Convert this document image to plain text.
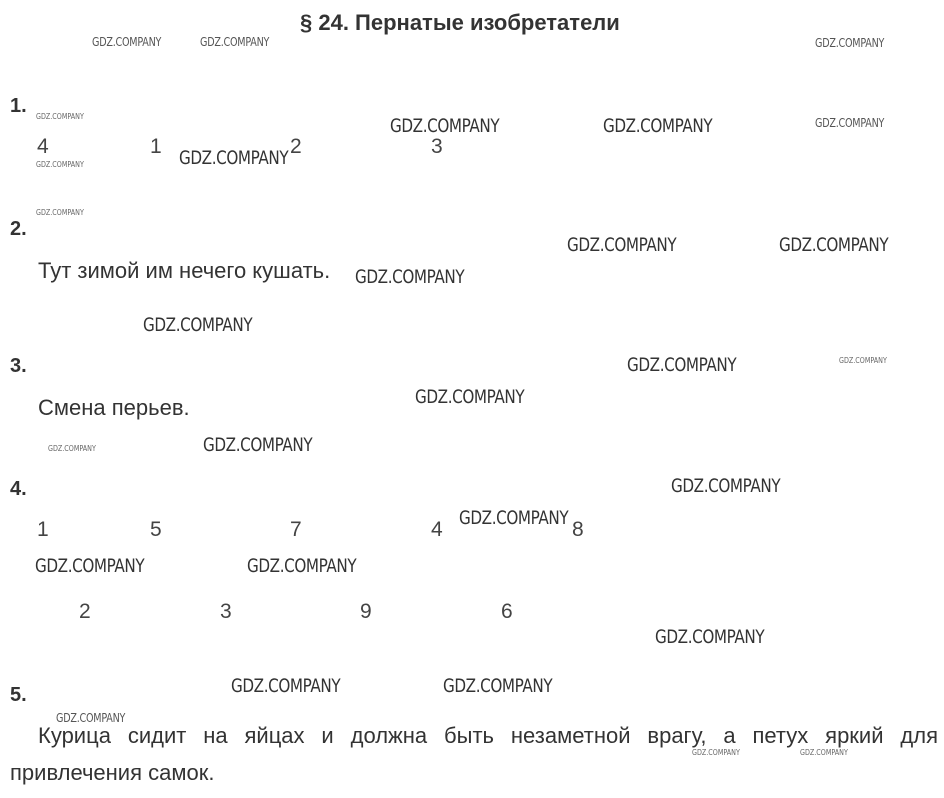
§ 24. Пернатые изобретатели
1.
4	1	2	3
2.
Тут зимой им нечего кушать.
3.
Смена перьев.
4.
1	5	7	4	8
2	3	9	6
5.
Курица сидит на яйцах и должна быть незаметной врагу, а петух яркий для
привлечения самок.
GDZ.COMPANY	GDZ.COMPANY	GDZ.COMPANY
GDZ.COMPANY
GDZ.COMPANY
GDZ.COMPANY	GDZ.COMPANY	GDZ.COMPANY
GDZ.COMPANY
GDZ.COMPANY
GDZ.COMPANY	GDZ.COMPANY
GDZ.COMPANY
GDZ.COMPANY
GDZ.COMPANY	GDZ.COMPANY
GDZ.COMPANY
GDZ.COMPANY	GDZ.COMPANY
GDZ.COMPANY
GDZ.COMPANY
GDZ.COMPANY	GDZ.COMPANY
GDZ.COMPANY
GDZ.COMPANY	GDZ.COMPANY
GDZ.COMPANY
GDZ.COMPANY	GDZ.COMPANY
